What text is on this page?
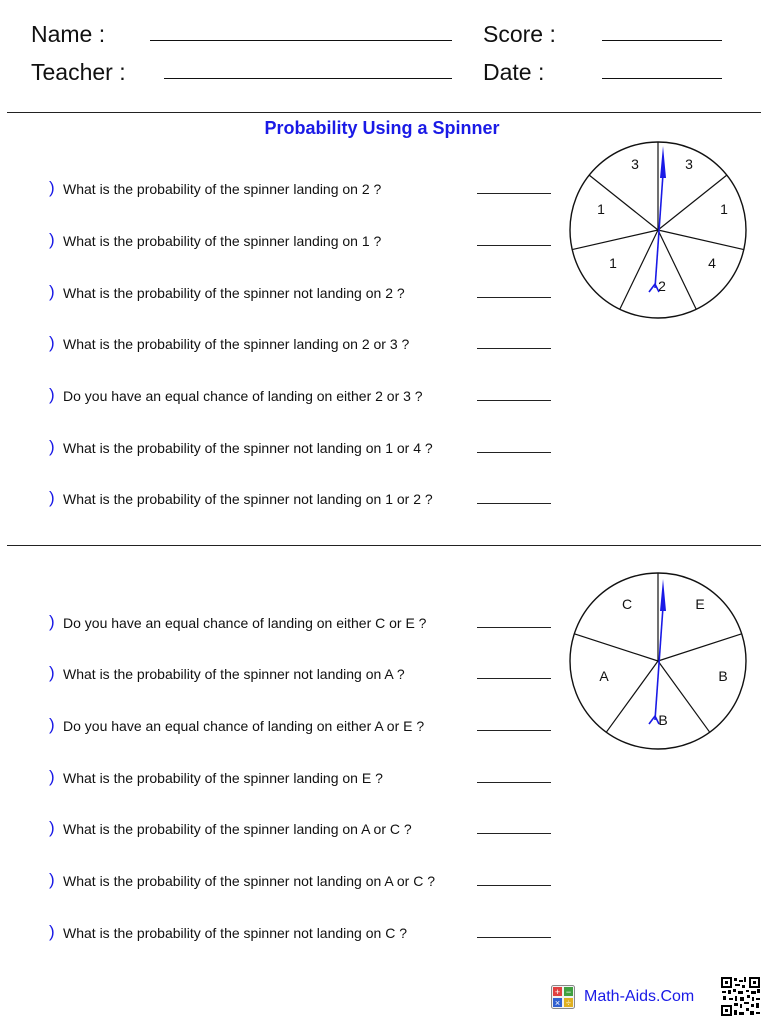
Name :	Score :
Teacher :	Date :
Probability Using a Spinner
) What is the probability of the spinner landing on 2 ?
) What is the probability of the spinner landing on 1 ?
) What is the probability of the spinner not landing on 2 ?
) What is the probability of the spinner landing on 2 or 3 ?
) Do you have an equal chance of landing on either 2 or 3 ?
) What is the probability of the spinner not landing on 1 or 4 ?
) What is the probability of the spinner not landing on 1 or 2 ?
3
1
4
2
1
1
3
) Do you have an equal chance of landing on either C or E ?
) What is the probability of the spinner not landing on A ?
) Do you have an equal chance of landing on either A or E ?
) What is the probability of the spinner landing on E ?
) What is the probability of the spinner landing on A or C ?
) What is the probability of the spinner not landing on A or C ?
) What is the probability of the spinner not landing on C ?
E
B
B
A
C
+ −
× ÷ Math-Aids.Com
